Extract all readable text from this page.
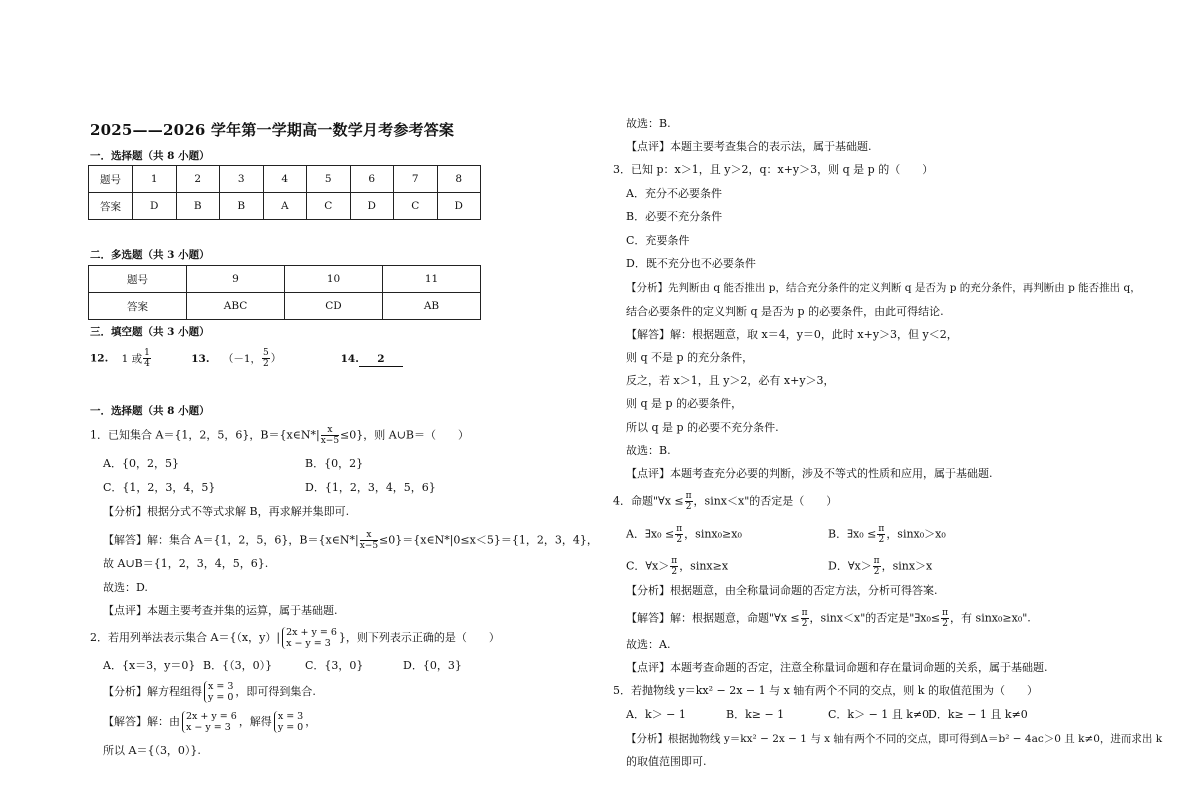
2025——2026 学年第一学期高一数学月考参考答案
一．选择题（共 8 小题）
题号	1	2	3	4	5	6	7	8
答案	D	B	B	A	C	D	C	D
二．多选题（共 3 小题）
题号	9	10	11
答案	ABC	CD	AB
三．填空题（共 3 小题）
12. 1 或 $\frac{1}{4}$	13. （－1， $\frac{5}{2}$ ）	14. 2
一．选择题（共 8 小题）
1．已知集合 A＝{1，2，5，6}，B＝{x∈N*| $\frac{x}{x-5} \le 0$}，则 A∪B＝（　　）
A．{0，2，5}	B．{0，2}
C．{1，2，3，4，5}	D．{1，2，3，4，5，6}
【分析】根据分式不等式求解 B，再求解并集即可.
【解答】解：集合 A＝{1，2，5，6}，B＝{x∈N*| $\frac{x}{x-5}$ ≤0}＝{x∈N*|0≤x＜5}＝{1，2，3，4}，
故 A∪B＝{1，2，3，4，5，6}.
故选：D.
【点评】本题主要考查并集的运算，属于基础题.
2．若用列举法表示集合 A＝{（x，y）| 2x + y = 6
x − y = 3 }，则下列表示正确的是（　　）
A．{x＝3，y＝0} B．{（3，0）}	C．{3，0}	D．{0，3}
【分析】解方程组得 x = 3
y = 0 ，即可得到集合.
【解答】解：由 2x + y = 6
x − y = 3 ，解得 x = 3
y = 0 ，
所以 A＝{（3，0）}.
故选：B.
【点评】本题主要考查集合的表示法，属于基础题.
3．已知 p：x＞1，且 y＞2，q：x+y＞3，则 q 是 p 的（　　）
A．充分不必要条件
B．必要不充分条件
C．充要条件
D．既不充分也不必要条件
【分析】先判断由 q 能否推出 p，结合充分条件的定义判断 q 是否为 p 的充分条件，再判断由 p 能否推出 q，
结合必要条件的定义判断 q 是否为 p 的必要条件，由此可得结论.
【解答】解：根据题意，取 x＝4，y＝0，此时 x+y＞3，但 y＜2，
则 q 不是 p 的充分条件，
反之，若 x＞1，且 y＞2，必有 x+y＞3，
则 q 是 p 的必要条件，
所以 q 是 p 的必要不充分条件.
故选：B.
【点评】本题考查充分必要的判断，涉及不等式的性质和应用，属于基础题.
4．命题"∀x ≤ $\frac{\pi}{2}$ ，sinx＜x"的否定是（　　）
A．∃x₀ ≤ $\frac{\pi}{2}$ ，sinx₀≥x₀	B．∃x₀ ≤ $\frac{\pi}{2}$ ，sinx₀＞x₀
C．∀x＞ $\frac{\pi}{2}$ ，sinx≥x	D．∀x＞ $\frac{\pi}{2}$ ，sinx＞x
【分析】根据题意，由全称量词命题的否定方法，分析可得答案.
【解答】解：根据题意，命题"∀x ≤ $\frac{\pi}{2}$ ，sinx＜x"的否定是"∃x₀≤ $\frac{\pi}{2}$ ，有 sinx₀≥x₀".
故选：A.
【点评】本题考查命题的否定，注意全称量词命题和存在量词命题的关系，属于基础题.
5．若抛物线 y＝kx² − 2x − 1 与 x 轴有两个不同的交点，则 k 的取值范围为（　　）
A．k＞ − 1	B．k≥ − 1	C．k＞ − 1 且 k≠0
D．k≥ − 1 且 k≠0
【分析】根据抛物线 y＝kx² − 2x − 1 与 x 轴有两个不同的交点，即可得到Δ＝b² − 4ac＞0 且 k≠0，进而求出 k
的取值范围即可.
